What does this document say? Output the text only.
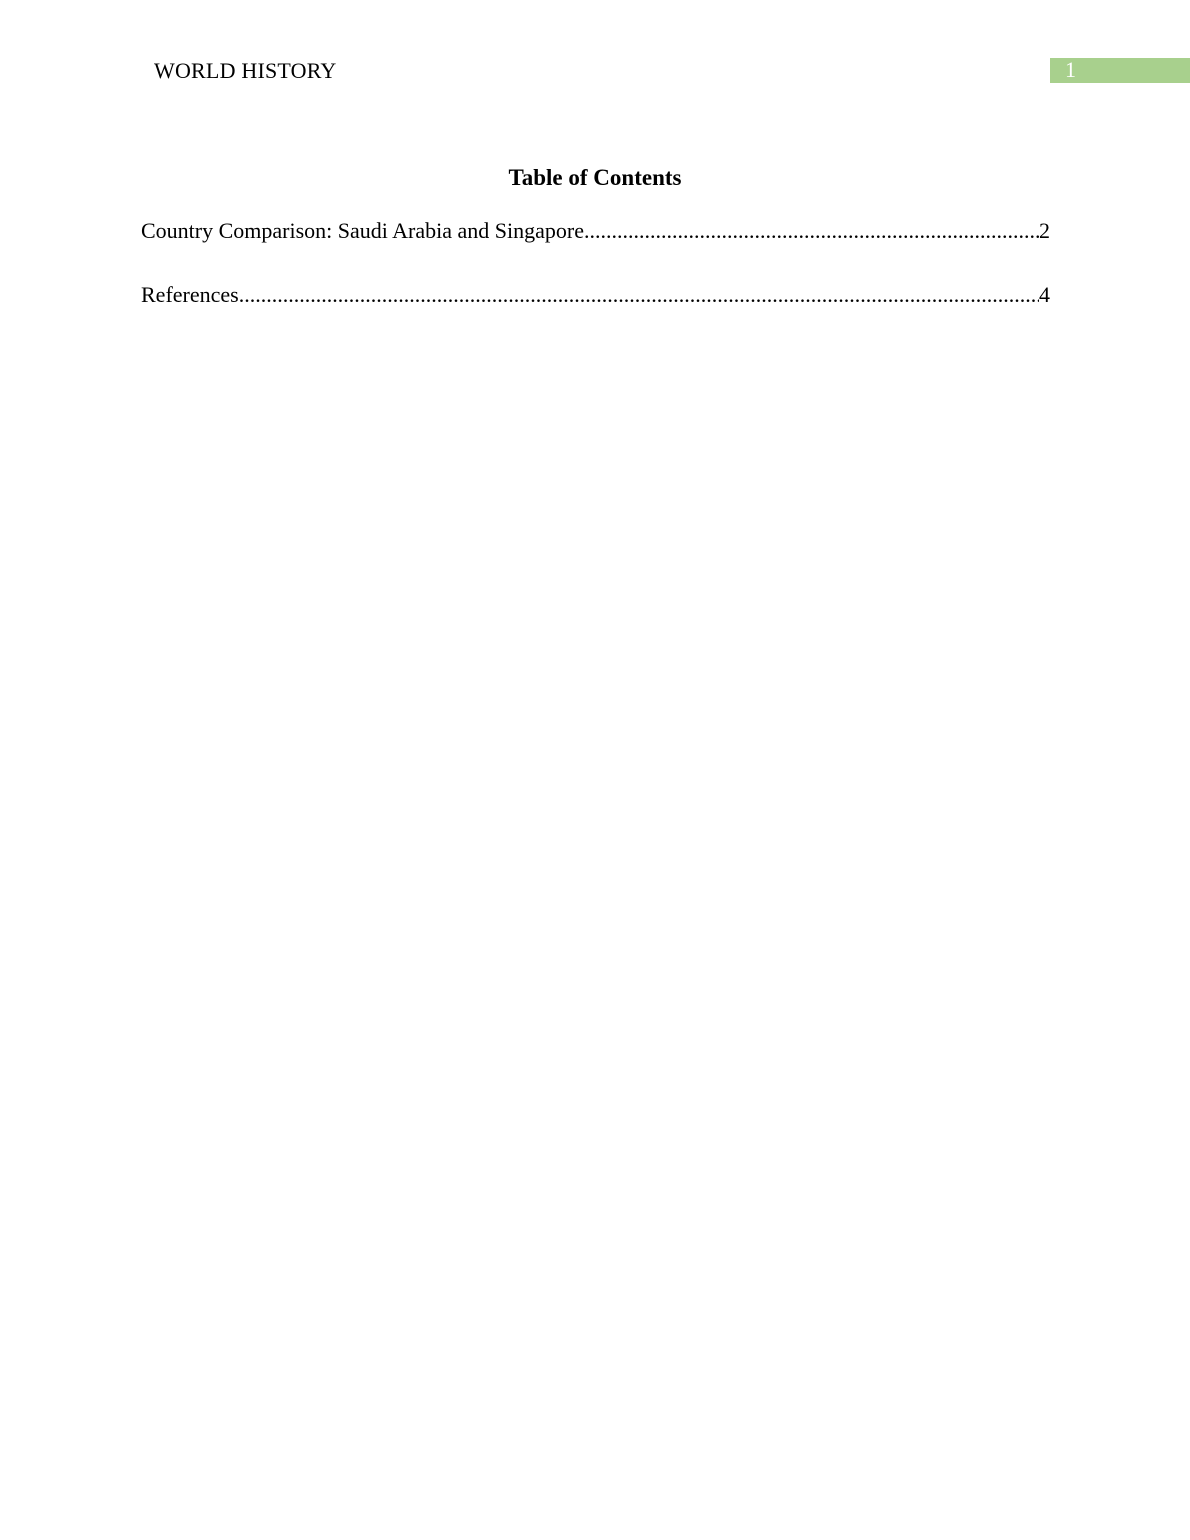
WORLD HISTORY	1
Table of Contents
Country Comparison: Saudi Arabia and Singapore .....	2
References .....	4
